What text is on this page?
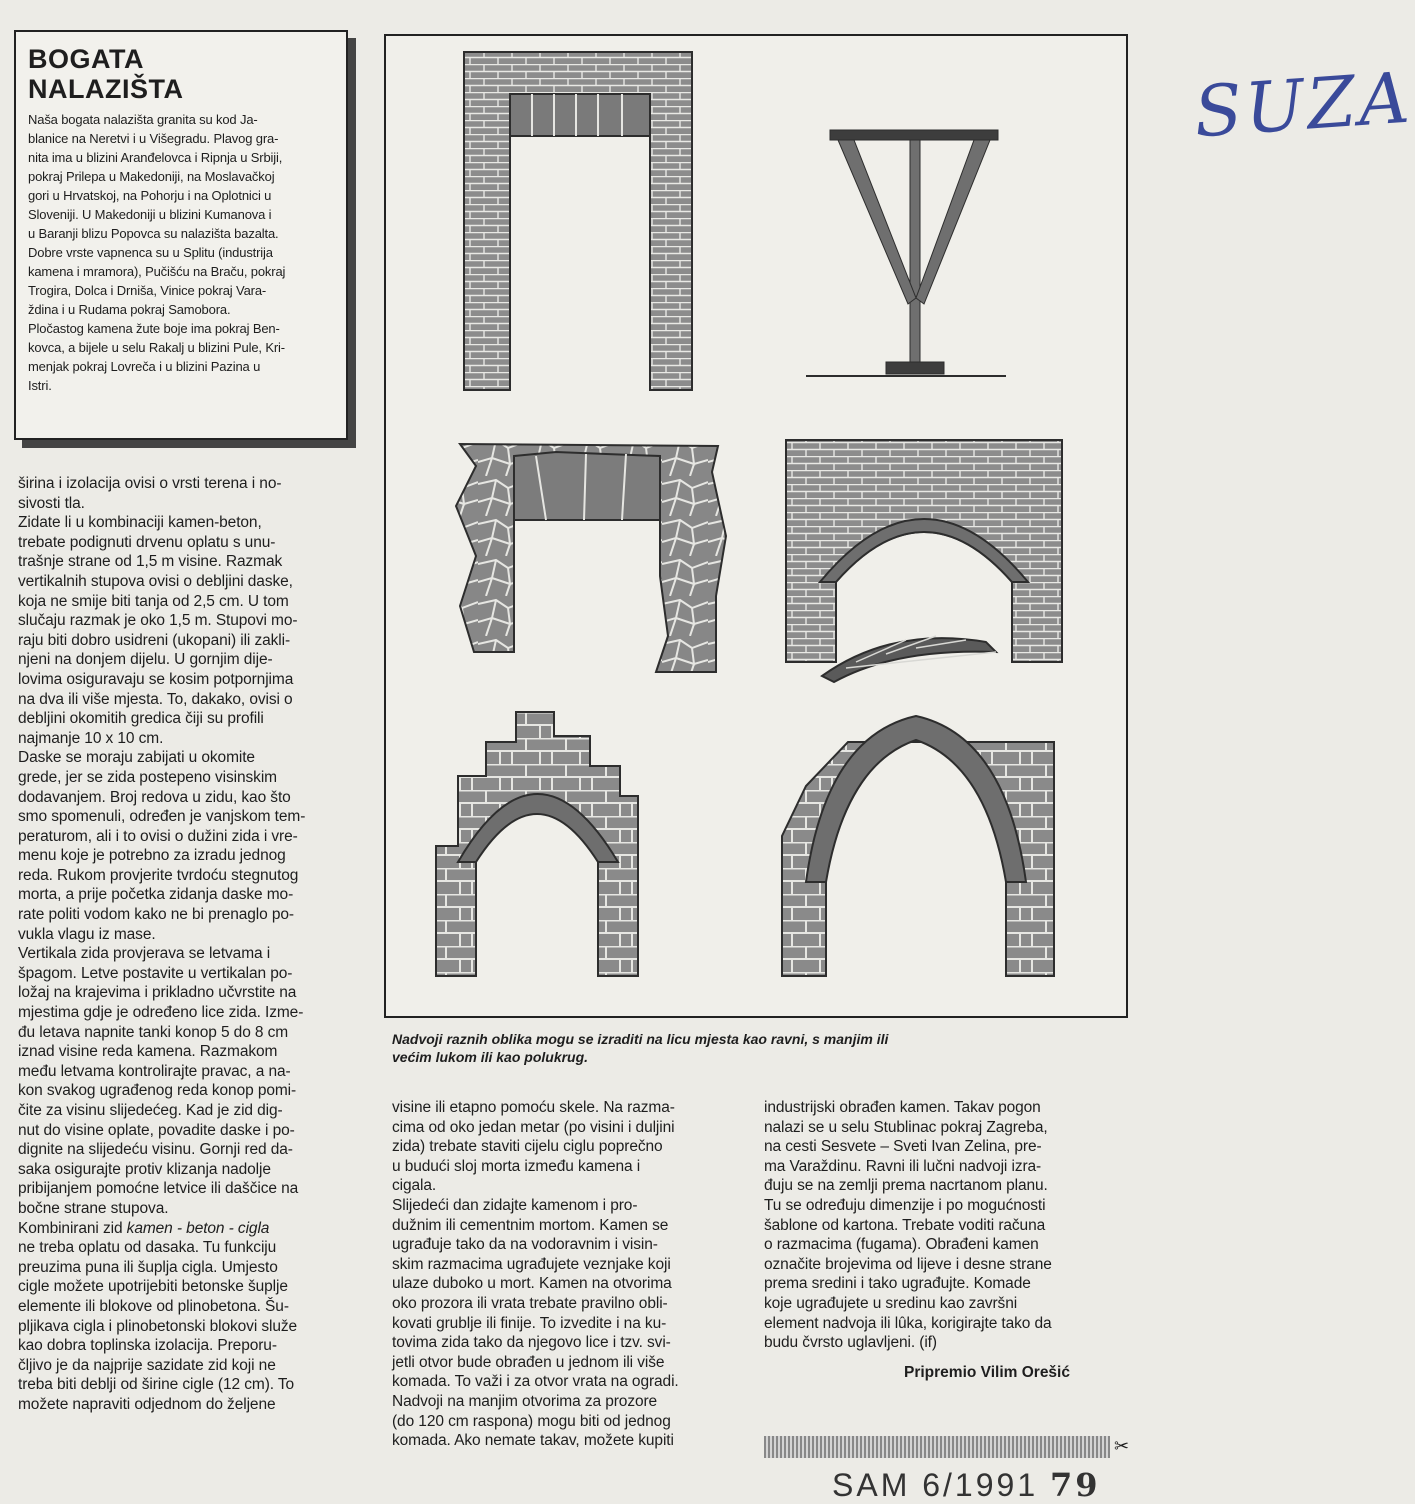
BOGATA
NALAZIŠTA
Naša bogata nalazišta granita su kod Ja-
blanice na Neretvi i u Višegradu. Plavog gra-
nita ima u blizini Aranđelovca i Ripnja u Srbiji,
pokraj Prilepa u Makedoniji, na Moslavačkoj
gori u Hrvatskoj, na Pohorju i na Oplotnici u
Sloveniji. U Makedoniji u blizini Kumanova i
u Baranji blizu Popovca su nalazišta bazalta.
Dobre vrste vapnenca su u Splitu (industrija
kamena i mramora), Pučišću na Braču, pokraj
Trogira, Dolca i Drniša, Vinice pokraj Vara-
ždina i u Rudama pokraj Samobora.
Pločastog kamena žute boje ima pokraj Ben-
kovca, a bijele u selu Rakalj u blizini Pule, Kri-
menjak pokraj Lovreča i u blizini Pazina u
Istri.
širina i izolacija ovisi o vrsti terena i no-
sivosti tla.
Zidate li u kombinaciji kamen-beton,
trebate podignuti drvenu oplatu s unu-
trašnje strane od 1,5 m visine. Razmak
vertikalnih stupova ovisi o debljini daske,
koja ne smije biti tanja od 2,5 cm. U tom
slučaju razmak je oko 1,5 m. Stupovi mo-
raju biti dobro usidreni (ukopani) ili zakli-
njeni na donjem dijelu. U gornjim dije-
lovima osiguravaju se kosim potpornjima
na dva ili više mjesta. To, dakako, ovisi o
debljini okomitih gredica čiji su profili
najmanje 10 x 10 cm.
Daske se moraju zabijati u okomite
grede, jer se zida postepeno visinskim
dodavanjem. Broj redova u zidu, kao što
smo spomenuli, određen je vanjskom tem-
peraturom, ali i to ovisi o dužini zida i vre-
menu koje je potrebno za izradu jednog
reda. Rukom provjerite tvrdoću stegnutog
morta, a prije početka zidanja daske mo-
rate politi vodom kako ne bi prenaglo po-
vukla vlagu iz mase.
Vertikala zida provjerava se letvama i
špagom. Letve postavite u vertikalan po-
ložaj na krajevima i prikladno učvrstite na
mjestima gdje je određeno lice zida. Izme-
đu letava napnite tanki konop 5 do 8 cm
iznad visine reda kamena. Razmakom
među letvama kontrolirajte pravac, a na-
kon svakog ugrađenog reda konop pomi-
čite za visinu slijedećeg. Kad je zid dig-
nut do visine oplate, povadite daske i po-
dignite na slijedeću visinu. Gornji red da-
saka osigurajte protiv klizanja nadolje
pribijanjem pomoćne letvice ili daščice na
bočne strane stupova.
Kombinirani zid kamen - beton - cigla
ne treba oplatu od dasaka. Tu funkciju
preuzima puna ili šuplja cigla. Umjesto
cigle možete upotrijebiti betonske šuplje
elemente ili blokove od plinobetona. Šu-
pljikava cigla i plinobetonski blokovi služe
kao dobra toplinska izolacija. Preporu-
čljivo je da najprije sazidate zid koji ne
treba biti deblji od širine cigle (12 cm). To
možete napraviti odjednom do željene
SUZA
Nadvoji raznih oblika mogu se izraditi na licu mjesta kao ravni, s manjim ili
većim lukom ili kao polukrug.
visine ili etapno pomoću skele. Na razma-
cima od oko jedan metar (po visini i duljini
zida) trebate staviti cijelu ciglu poprečno
u budući sloj morta između kamena i
cigala.
Slijedeći dan zidajte kamenom i pro-
dužnim ili cementnim mortom. Kamen se
ugrađuje tako da na vodoravnim i visin-
skim razmacima ugrađujete veznjake koji
ulaze duboko u mort. Kamen na otvorima
oko prozora ili vrata trebate pravilno obli-
kovati grublje ili finije. To izvedite i na ku-
tovima zida tako da njegovo lice i tzv. svi-
jetli otvor bude obrađen u jednom ili više
komada. To važi i za otvor vrata na ogradi.
Nadvoji na manjim otvorima za prozore
(do 120 cm raspona) mogu biti od jednog
komada. Ako nemate takav, možete kupiti
industrijski obrađen kamen. Takav pogon
nalazi se u selu Stublinac pokraj Zagreba,
na cesti Sesvete – Sveti Ivan Zelina, pre-
ma Varaždinu. Ravni ili lučni nadvoji izra-
đuju se na zemlji prema nacrtanom planu.
Tu se određuju dimenzije i po mogućnosti
šablone od kartona. Trebate voditi računa
o razmacima (fugama). Obrađeni kamen
označite brojevima od lijeve i desne strane
prema sredini i tako ugrađujte. Komade
koje ugrađujete u sredinu kao završni
element nadvoja ili lûka, korigirajte tako da
budu čvrsto uglavljeni. (if)
Pripremio Vilim Orešić
✂
SAM 6/1991 79
